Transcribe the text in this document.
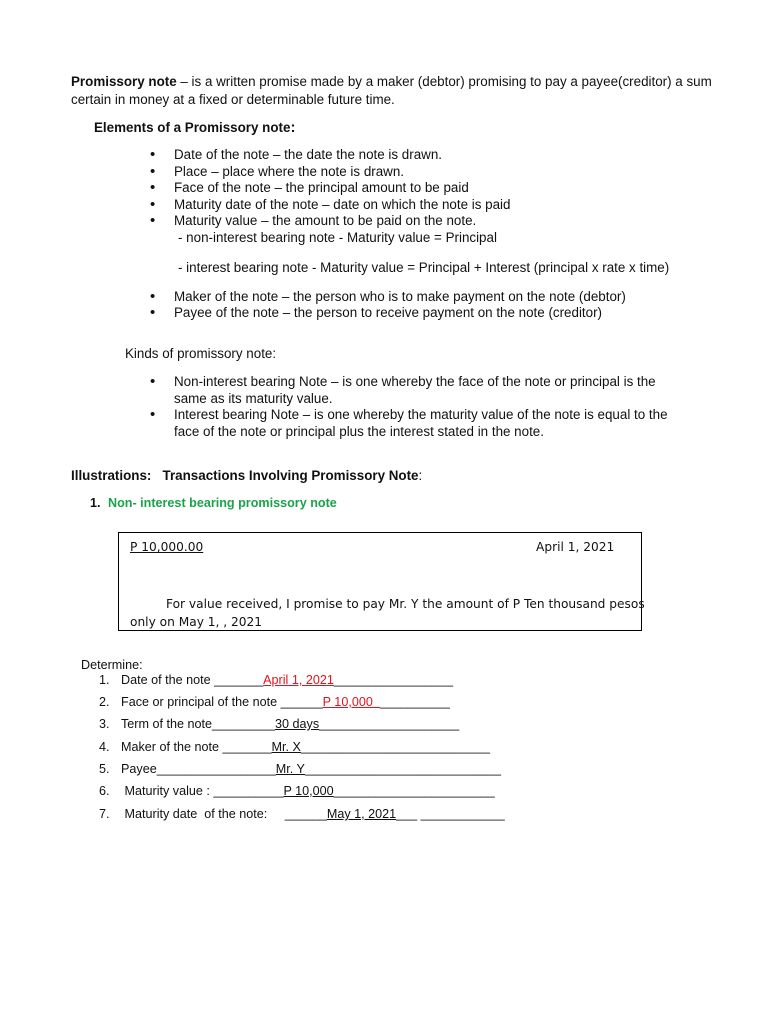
Promissory note – is a written promise made by a maker (debtor) promising to pay a payee(creditor) a sum certain in money at a fixed or determinable future time.
Elements of a Promissory note:
• Date of the note – the date the note is drawn.
• Place – place where the note is drawn.
• Face of the note – the principal amount to be paid
• Maturity date of the note – date on which the note is paid
• Maturity value – the amount to be paid on the note.
- non-interest bearing note - Maturity value = Principal
- interest bearing note - Maturity value = Principal + Interest (principal x rate x time)
• Maker of the note – the person who is to make payment on the note (debtor)
• Payee of the note – the person to receive payment on the note (creditor)
Kinds of promissory note:
• Non-interest bearing Note – is one whereby the face of the note or principal is the same as its maturity value.
• Interest bearing Note – is one whereby the maturity value of the note is equal to the face of the note or principal plus the interest stated in the note.
Illustrations: Transactions Involving Promissory Note:
1. Non- interest bearing promissory note
P 10,000.00	April 1, 2021
For value received, I promise to pay Mr. Y the amount of P Ten thousand pesos
only on May 1, , 2021
Determine:
1. Date of the note _______April 1, 2021_________________
2. Face or principal of the note ______P 10,000  __________
3. Term of the note_________30 days____________________
4. Maker of the note _______Mr. X___________________________
5. Payee_________________Mr. Y____________________________
6. Maturity value : __________P 10,000_______________________
7. Maturity date  of the note:     ______May 1, 2021___ ____________
